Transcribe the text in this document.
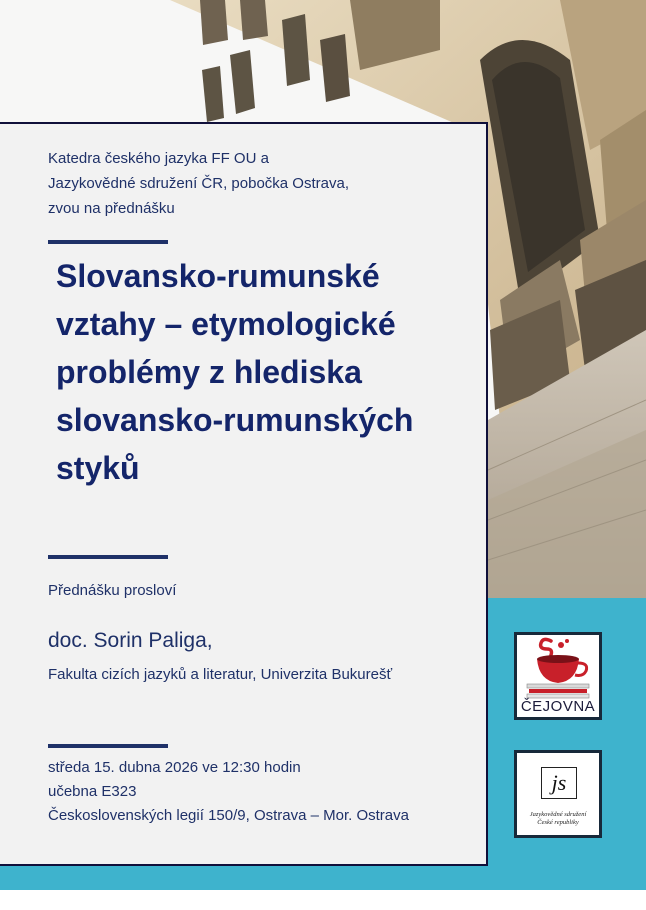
Katedra českého jazyka FF OU a
Jazykovědné sdružení ČR, pobočka Ostrava,
zvou na přednášku
Slovansko-rumunské
vztahy – etymologické
problémy z hlediska
slovansko-rumunských
styků
Přednášku prosloví
doc. Sorin Paliga,
Fakulta cizích jazyků a literatur, Univerzita Bukurešť
středa 15. dubna 2026 ve 12:30 hodin
učebna E323
Československých legií 150/9, Ostrava – Mor. Ostrava
ČEJOVNA
js
Jazykovědné sdružení
České republiky
